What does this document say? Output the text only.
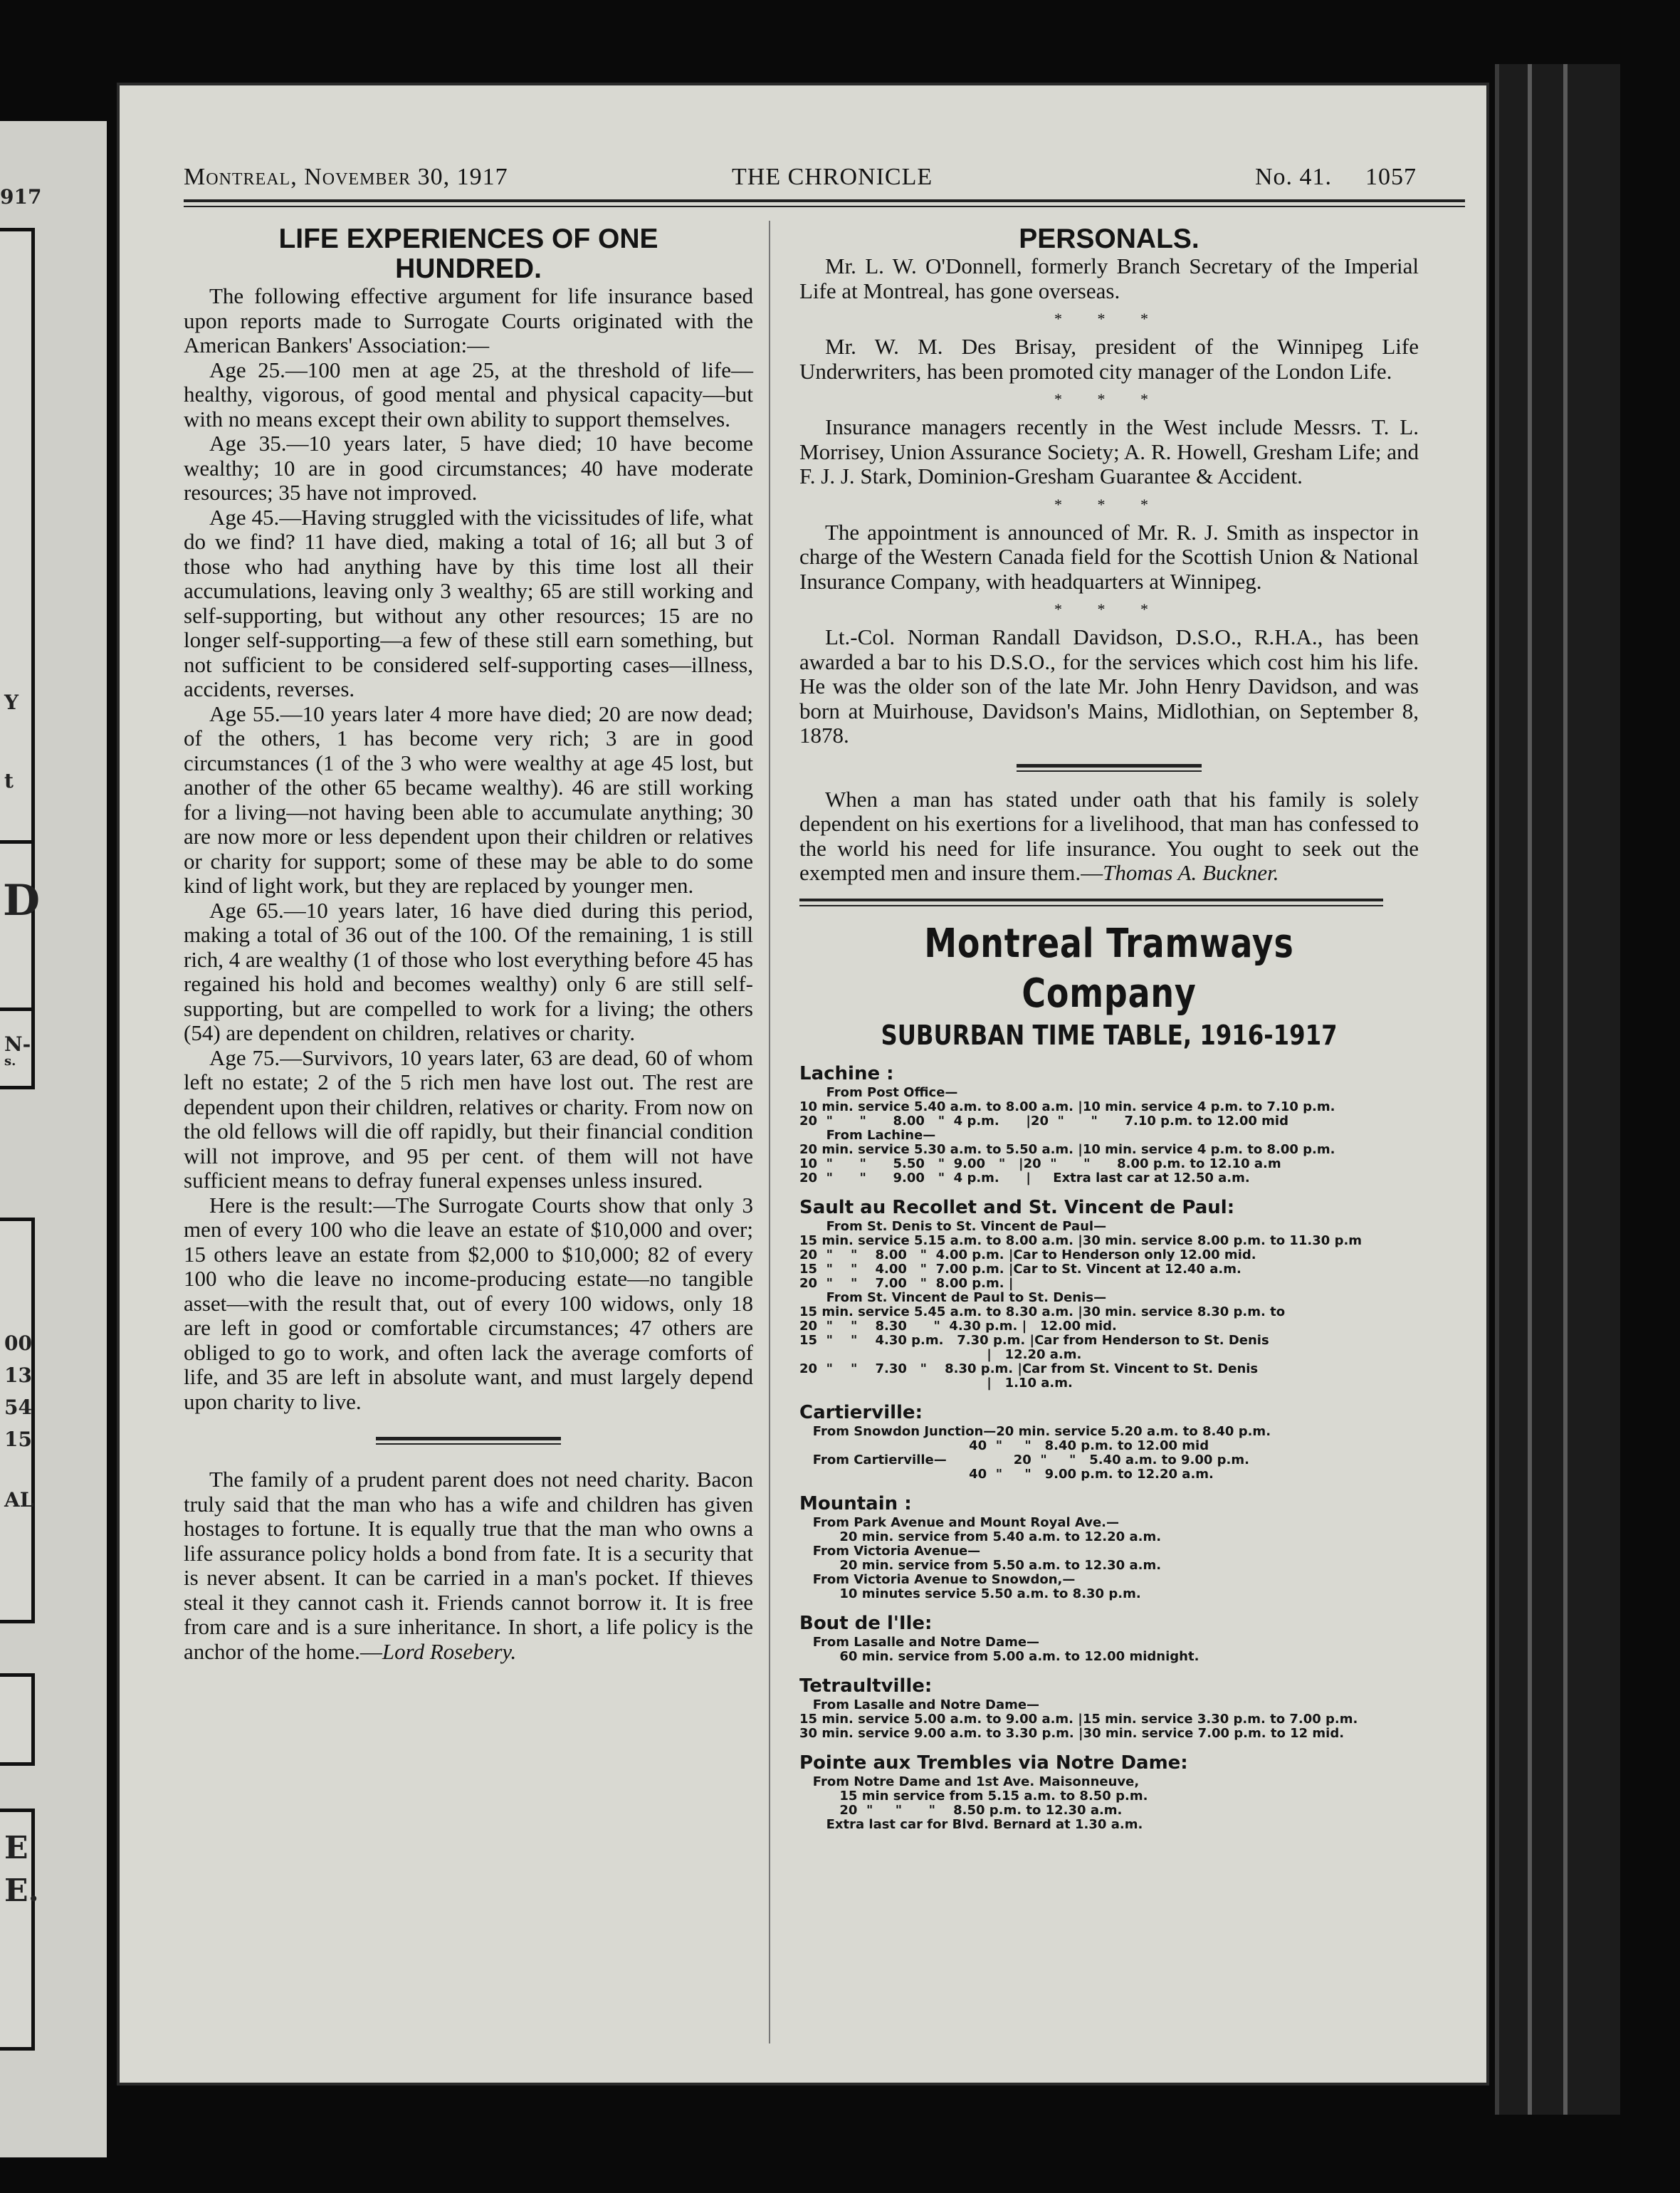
917
Y
t
D
N-
s.
00
13
54
15
AL
E
E.
Montreal, November 30, 1917	THE CHRONICLE	No. 41. 1057
LIFE EXPERIENCES OF ONE HUNDRED.

The following effective argument for life insurance based upon reports made to Surrogate Courts originated with the American Bankers' Association:—

Age 25.—100 men at age 25, at the threshold of life—healthy, vigorous, of good mental and physical capacity—but with no means except their own ability to support themselves.

Age 35.—10 years later, 5 have died; 10 have become wealthy; 10 are in good circumstances; 40 have moderate resources; 35 have not improved.

Age 45.—Having struggled with the vicissitudes of life, what do we find? 11 have died, making a total of 16; all but 3 of those who had anything have by this time lost all their accumulations, leaving only 3 wealthy; 65 are still working and self-supporting, but without any other resources; 15 are no longer self-supporting—a few of these still earn something, but not sufficient to be considered self-supporting cases—illness, accidents, reverses.

Age 55.—10 years later 4 more have died; 20 are now dead; of the others, 1 has become very rich; 3 are in good circumstances (1 of the 3 who were wealthy at age 45 lost, but another of the other 65 became wealthy). 46 are still working for a living—not having been able to accumulate anything; 30 are now more or less dependent upon their children or relatives or charity for support; some of these may be able to do some kind of light work, but they are replaced by younger men.

Age 65.—10 years later, 16 have died during this period, making a total of 36 out of the 100. Of the remaining, 1 is still rich, 4 are wealthy (1 of those who lost everything before 45 has regained his hold and becomes wealthy) only 6 are still self-supporting, but are compelled to work for a living; the others (54) are dependent on children, relatives or charity.

Age 75.—Survivors, 10 years later, 63 are dead, 60 of whom left no estate; 2 of the 5 rich men have lost out. The rest are dependent upon their children, relatives or charity. From now on the old fellows will die off rapidly, but their financial condition will not improve, and 95 per cent. of them will not have sufficient means to defray funeral expenses unless insured.

Here is the result:—The Surrogate Courts show that only 3 men of every 100 who die leave an estate of $10,000 and over; 15 others leave an estate from $2,000 to $10,000; 82 of every 100 who die leave no income-producing estate—no tangible asset—with the result that, out of every 100 widows, only 18 are left in good or comfortable circumstances; 47 others are obliged to go to work, and often lack the average comforts of life, and 35 are left in absolute want, and must largely depend upon charity to live.

The family of a prudent parent does not need charity. Bacon truly said that the man who has a wife and children has given hostages to fortune. It is equally true that the man who owns a life assurance policy holds a bond from fate. It is a security that is never absent. It can be carried in a man's pocket. If thieves steal it they cannot cash it. Friends cannot borrow it. It is free from care and is a sure inheritance. In short, a life policy is the anchor of the home.—Lord Rosebery.

PERSONALS.

Mr. L. W. O'Donnell, formerly Branch Secretary of the Imperial Life at Montreal, has gone overseas.

* * *

Mr. W. M. Des Brisay, president of the Winnipeg Life Underwriters, has been promoted city manager of the London Life.

* * *

Insurance managers recently in the West include Messrs. T. L. Morrisey, Union Assurance Society; A. R. Howell, Gresham Life; and F. J. J. Stark, Dominion-Gresham Guarantee & Accident.

* * *

The appointment is announced of Mr. R. J. Smith as inspector in charge of the Western Canada field for the Scottish Union & National Insurance Company, with headquarters at Winnipeg.

* * *

Lt.-Col. Norman Randall Davidson, D.S.O., R.H.A., has been awarded a bar to his D.S.O., for the services which cost him his life. He was the older son of the late Mr. John Henry Davidson, and was born at Muirhouse, Davidson's Mains, Midlothian, on September 8, 1878.

When a man has stated under oath that his family is solely dependent on his exertions for a livelihood, that man has confessed to the world his need for life insurance. You ought to seek out the exempted men and insure them.—Thomas A. Buckner.

Montreal Tramways Company
SUBURBAN TIME TABLE, 1916-1917
Lachine :
From Post Office—
10 min. service 5.40 a.m. to 8.00 a.m. |10 min. service 4 p.m. to 7.10 p.m.
20  "      "      8.00   "  4 p.m.      |20  "      "      7.10 p.m. to 12.00 mid
From Lachine—
20 min. service 5.30 a.m. to 5.50 a.m. |10 min. service 4 p.m. to 8.00 p.m.
10  "      "      5.50   "  9.00   "   |20  "      "      8.00 p.m. to 12.10 a.m
20  "      "      9.00   "  4 p.m.      |     Extra last car at 12.50 a.m.
Sault au Recollet and St. Vincent de Paul:
From St. Denis to St. Vincent de Paul—
15 min. service 5.15 a.m. to 8.00 a.m. |30 min. service 8.00 p.m. to 11.30 p.m
20  "    "    8.00   "  4.00 p.m. |Car to Henderson only 12.00 mid.
15  "    "    4.00   "  7.00 p.m. |Car to St. Vincent at 12.40 a.m.
20  "    "    7.00   "  8.00 p.m. |
From St. Vincent de Paul to St. Denis—
15 min. service 5.45 a.m. to 8.30 a.m. |30 min. service 8.30 p.m. to
20  "    "    8.30      "  4.30 p.m. |   12.00 mid.
15  "    "    4.30 p.m.   7.30 p.m. |Car from Henderson to St. Denis
|   12.20 a.m.
20  "    "    7.30   "    8.30 p.m. |Car from St. Vincent to St. Denis
|   1.10 a.m.
Cartierville:
From Snowdon Junction—20 min. service 5.20 a.m. to 8.40 p.m.
40  "     "   8.40 p.m. to 12.00 mid
From Cartierville—               20  "     "   5.40 a.m. to 9.00 p.m.
40  "     "   9.00 p.m. to 12.20 a.m.
Mountain :
From Park Avenue and Mount Royal Ave.—
20 min. service from 5.40 a.m. to 12.20 a.m.
From Victoria Avenue—
20 min. service from 5.50 a.m. to 12.30 a.m.
From Victoria Avenue to Snowdon,—
10 minutes service 5.50 a.m. to 8.30 p.m.
Bout de l'Ile:
From Lasalle and Notre Dame—
60 min. service from 5.00 a.m. to 12.00 midnight.
Tetraultville:
From Lasalle and Notre Dame—
15 min. service 5.00 a.m. to 9.00 a.m. |15 min. service 3.30 p.m. to 7.00 p.m.
30 min. service 9.00 a.m. to 3.30 p.m. |30 min. service 7.00 p.m. to 12 mid.
Pointe aux Trembles via Notre Dame:
From Notre Dame and 1st Ave. Maisonneuve,
15 min service from 5.15 a.m. to 8.50 p.m.
20  "     "      "    8.50 p.m. to 12.30 a.m.
Extra last car for Blvd. Bernard at 1.30 a.m.
